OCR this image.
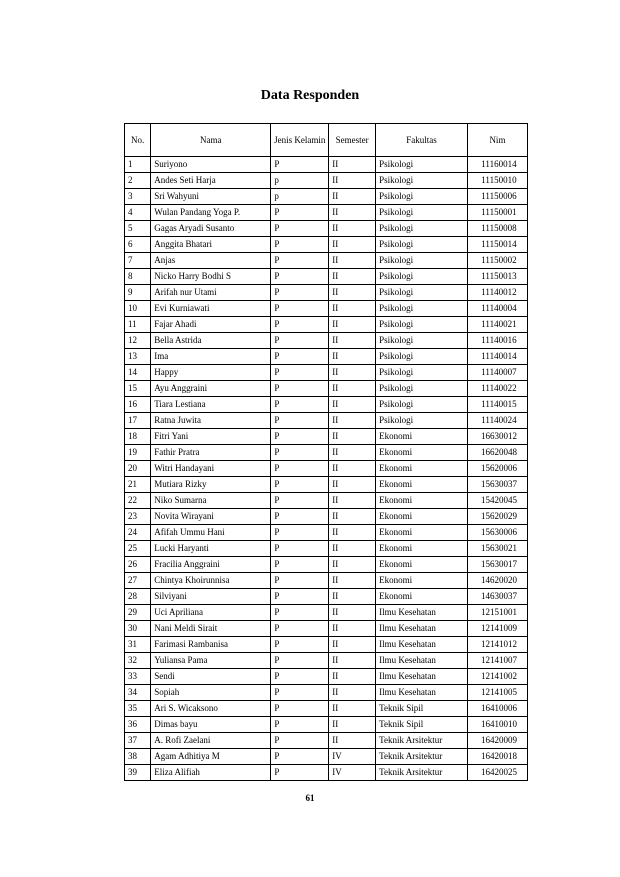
Data Responden
No.	Nama	Jenis Kelamin	Semester	Fakultas	Nim
1	Suriyono	P	II	Psikologi	11160014
2	Andes Seti Harja	p	II	Psikologi	11150010
3	Sri Wahyuni	p	II	Psikologi	11150006
4	Wulan Pandang Yoga P.	P	II	Psikologi	11150001
5	Gagas Aryadi Susanto	P	II	Psikologi	11150008
6	Anggita Bhatari	P	II	Psikologi	11150014
7	Anjas	P	II	Psikologi	11150002
8	Nicko Harry Bodhi S	P	II	Psikologi	11150013
9	Arifah nur Utami	P	II	Psikologi	11140012
10	Evi Kurniawati	P	II	Psikologi	11140004
11	Fajar Ahadi	P	II	Psikologi	11140021
12	Bella Astrida	P	II	Psikologi	11140016
13	Ima	P	II	Psikologi	11140014
14	Happy	P	II	Psikologi	11140007
15	Ayu Anggraini	P	II	Psikologi	11140022
16	Tiara Lestiana	P	II	Psikologi	11140015
17	Ratna Juwita	P	II	Psikologi	11140024
18	Fitri Yani	P	II	Ekonomi	16630012
19	Fathir Pratra	P	II	Ekonomi	16620048
20	Witri Handayani	P	II	Ekonomi	15620006
21	Mutiara Rizky	P	II	Ekonomi	15630037
22	Niko Sumarna	P	II	Ekonomi	15420045
23	Novita Wirayani	P	II	Ekonomi	15620029
24	Afifah Ummu Hani	P	II	Ekonomi	15630006
25	Lucki Haryanti	P	II	Ekonomi	15630021
26	Fracilia Anggraini	P	II	Ekonomi	15630017
27	Chintya Khoirunnisa	P	II	Ekonomi	14620020
28	Silviyani	P	II	Ekonomi	14630037
29	Uci Apriliana	P	II	Ilmu Kesehatan	12151001
30	Nani Meldi Sirait	P	II	Ilmu Kesehatan	12141009
31	Farimasi Rambanisa	P	II	Ilmu Kesehatan	12141012
32	Yuliansa Pama	P	II	Ilmu Kesehatan	12141007
33	Sendi	P	II	Ilmu Kesehatan	12141002
34	Sopiah	P	II	Ilmu Kesehatan	12141005
35	Ari S. Wicaksono	P	II	Teknik Sipil	16410006
36	Dimas bayu	P	II	Teknik Sipil	16410010
37	A. Rofi Zaelani	P	II	Teknik Arsitektur	16420009
38	Agam Adhitiya M	P	IV	Teknik Arsitektur	16420018
39	Eliza Alifiah	P	IV	Teknik Arsitektur	16420025
61
